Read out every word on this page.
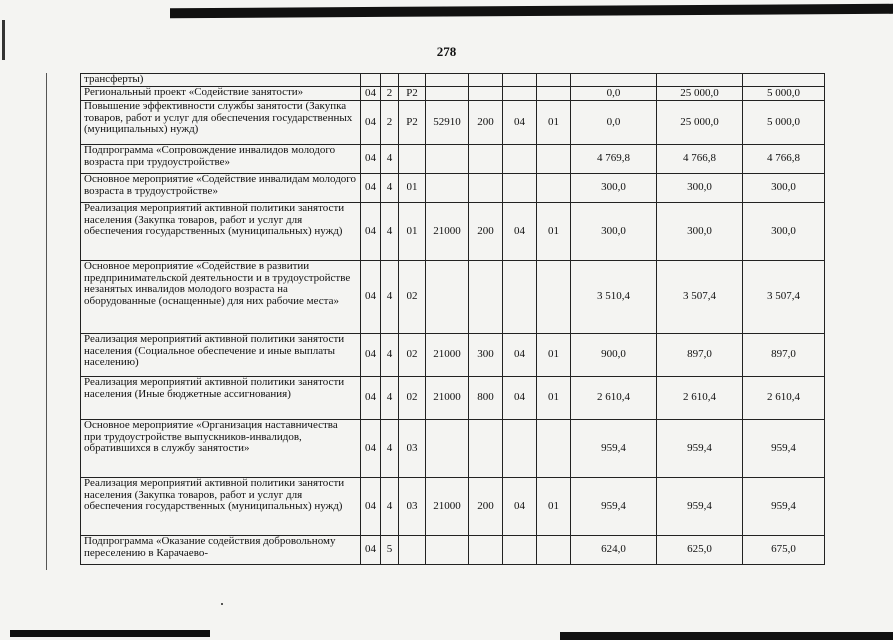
278
трансферты)										
Региональный проект «Содействие занятости»	04	2	Р2					0,0	25 000,0	5 000,0
Повышение эффективности службы занятости (Закупка товаров, работ и услуг для обеспечения государственных (муниципальных) нужд)	04	2	Р2	52910	200	04	01	0,0	25 000,0	5 000,0
Подпрограмма «Сопровождение инвалидов молодого возраста при трудоустройстве»	04	4						4 769,8	4 766,8	4 766,8
Основное мероприятие «Содействие инвалидам молодого возраста в трудоустройстве»	04	4	01					300,0	300,0	300,0
Реализация мероприятий активной политики занятости населения (Закупка товаров, работ и услуг для обеспечения государственных (муниципальных) нужд)	04	4	01	21000	200	04	01	300,0	300,0	300,0
Основное мероприятие «Содействие в развитии предпринимательской деятельности и в трудоустройстве незанятых инвалидов молодого возраста на оборудованные (оснащенные) для них рабочие места»	04	4	02					3 510,4	3 507,4	3 507,4
Реализация мероприятий активной политики занятости населения (Социальное обеспечение и иные выплаты населению)	04	4	02	21000	300	04	01	900,0	897,0	897,0
Реализация мероприятий активной политики занятости населения (Иные бюджетные ассигнования)	04	4	02	21000	800	04	01	2 610,4	2 610,4	2 610,4
Основное мероприятие «Организация наставничества при трудоустройстве выпускников-инвалидов, обратившихся в службу занятости»	04	4	03					959,4	959,4	959,4
Реализация мероприятий активной политики занятости населения (Закупка товаров, работ и услуг для обеспечения государственных (муниципальных) нужд)	04	4	03	21000	200	04	01	959,4	959,4	959,4
Подпрограмма «Оказание содействия добровольному переселению в Карачаево-	04	5						624,0	625,0	675,0
